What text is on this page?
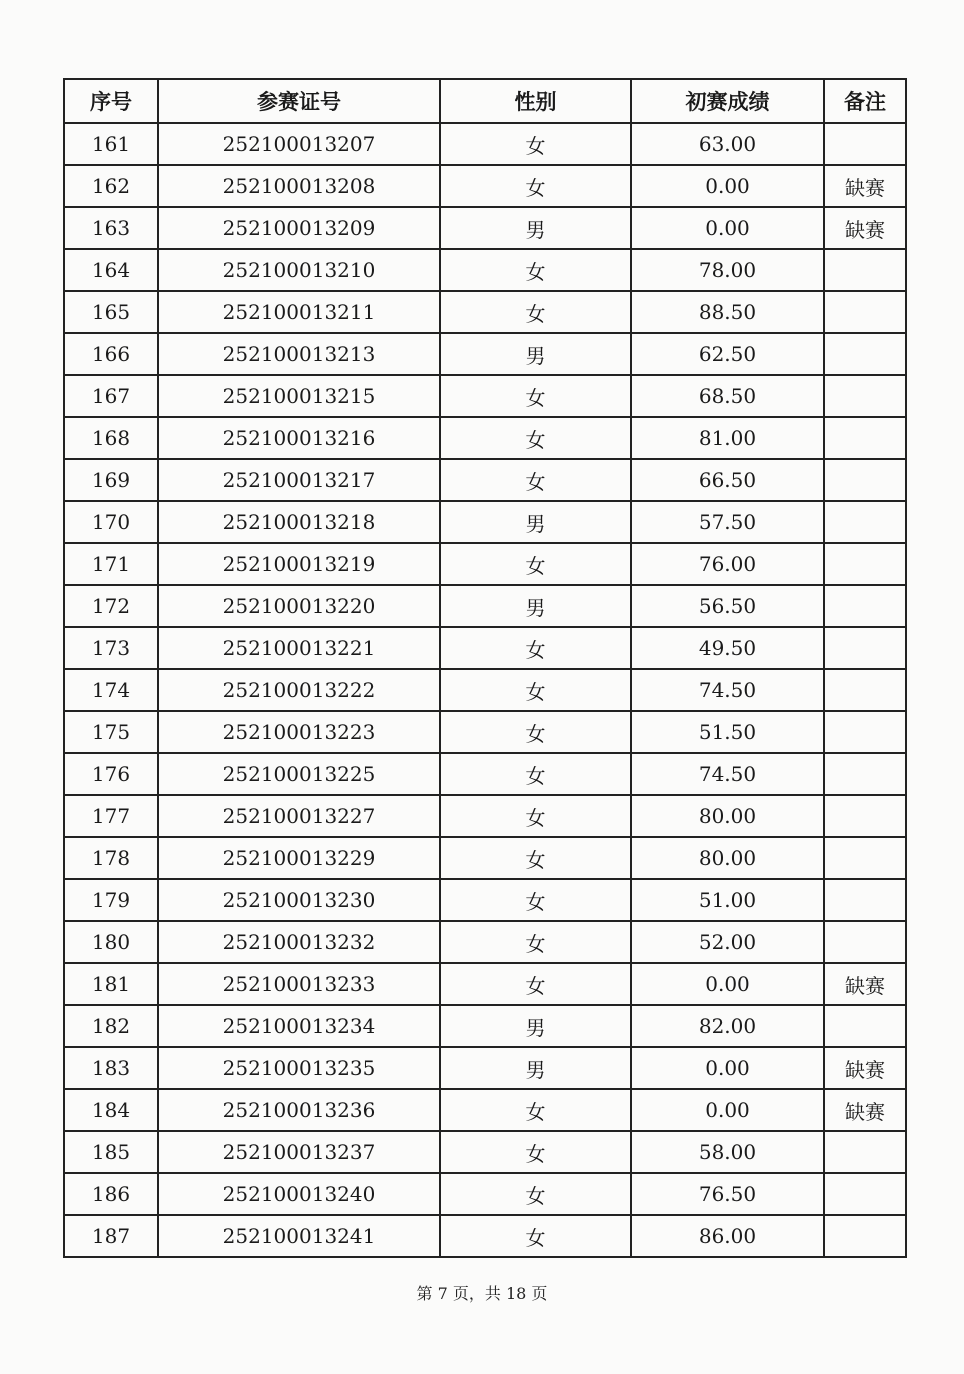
序号	参赛证号	性别	初赛成绩	备注
161	252100013207	女	63.00	
162	252100013208	女	0.00	缺赛
163	252100013209	男	0.00	缺赛
164	252100013210	女	78.00	
165	252100013211	女	88.50	
166	252100013213	男	62.50	
167	252100013215	女	68.50	
168	252100013216	女	81.00	
169	252100013217	女	66.50	
170	252100013218	男	57.50	
171	252100013219	女	76.00	
172	252100013220	男	56.50	
173	252100013221	女	49.50	
174	252100013222	女	74.50	
175	252100013223	女	51.50	
176	252100013225	女	74.50	
177	252100013227	女	80.00	
178	252100013229	女	80.00	
179	252100013230	女	51.00	
180	252100013232	女	52.00	
181	252100013233	女	0.00	缺赛
182	252100013234	男	82.00	
183	252100013235	男	0.00	缺赛
184	252100013236	女	0.00	缺赛
185	252100013237	女	58.00	
186	252100013240	女	76.50	
187	252100013241	女	86.00	
第 7 页，共 18 页
